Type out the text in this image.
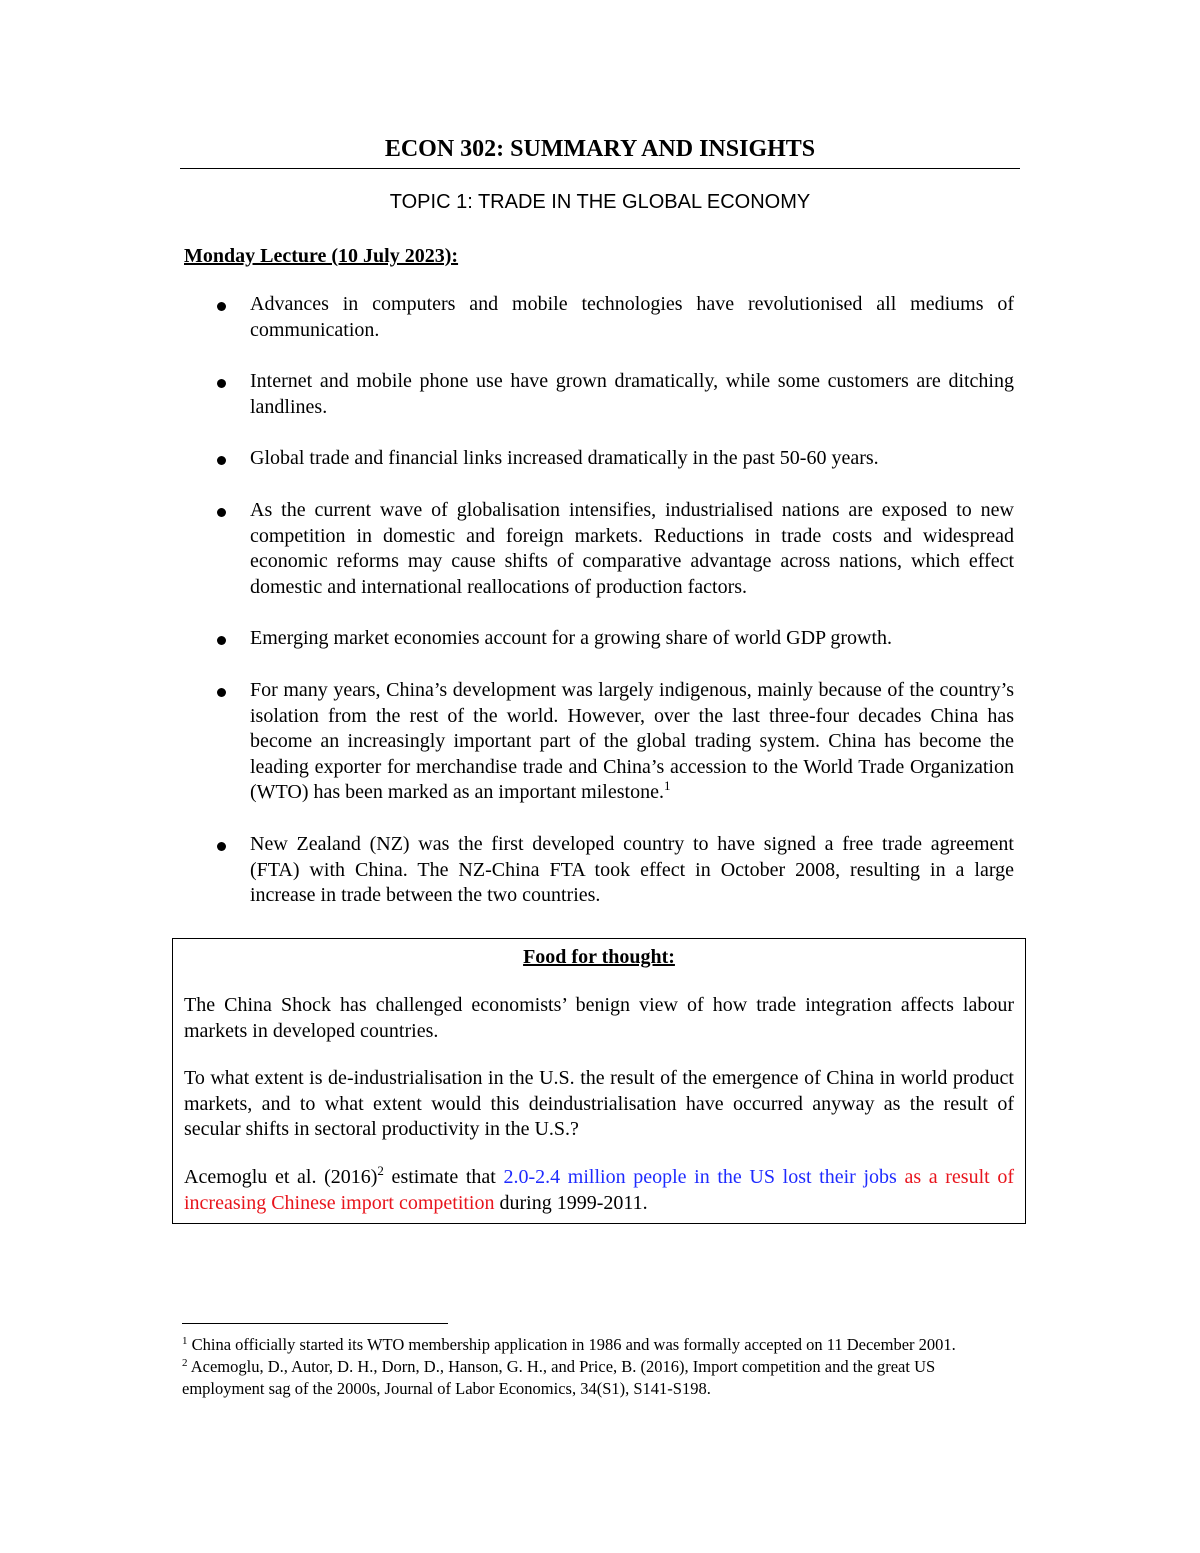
ECON 302: SUMMARY AND INSIGHTS
TOPIC 1: TRADE IN THE GLOBAL ECONOMY
Monday Lecture (10 July 2023):
Advances in computers and mobile technologies have revolutionised all mediums of communication.
Internet and mobile phone use have grown dramatically, while some customers are ditching landlines.
Global trade and financial links increased dramatically in the past 50-60 years.
As the current wave of globalisation intensifies, industrialised nations are exposed to new competition in domestic and foreign markets. Reductions in trade costs and widespread economic reforms may cause shifts of comparative advantage across nations, which effect domestic and international reallocations of production factors.
Emerging market economies account for a growing share of world GDP growth.
For many years, China’s development was largely indigenous, mainly because of the country’s isolation from the rest of the world. However, over the last three-four decades China has become an increasingly important part of the global trading system. China has become the leading exporter for merchandise trade and China’s accession to the World Trade Organization (WTO) has been marked as an important milestone.$^1$
New Zealand (NZ) was the first developed country to have signed a free trade agreement (FTA) with China. The NZ-China FTA took effect in October 2008, resulting in a large increase in trade between the two countries.
Food for thought:

The China Shock has challenged economists’ benign view of how trade integration affects labour markets in developed countries.

To what extent is de-industrialisation in the U.S. the result of the emergence of China in world product markets, and to what extent would this deindustrialisation have occurred anyway as the result of secular shifts in sectoral productivity in the U.S.?

Acemoglu et al. $(2016)^2$ estimate that 2.0-2.4 million people in the US lost their jobs as a result of increasing Chinese import competition during 1999-2011.

$^1$ China officially started its WTO membership application in 1986 and was formally accepted on 11 December 2001.

$^2$ Acemoglu, D., Autor, D. H., Dorn, D., Hanson, G. H., and Price, B. (2016), Import competition and the great US employment sag of the 2000s, Journal of Labor Economics, 34(S1), S141-S198.
